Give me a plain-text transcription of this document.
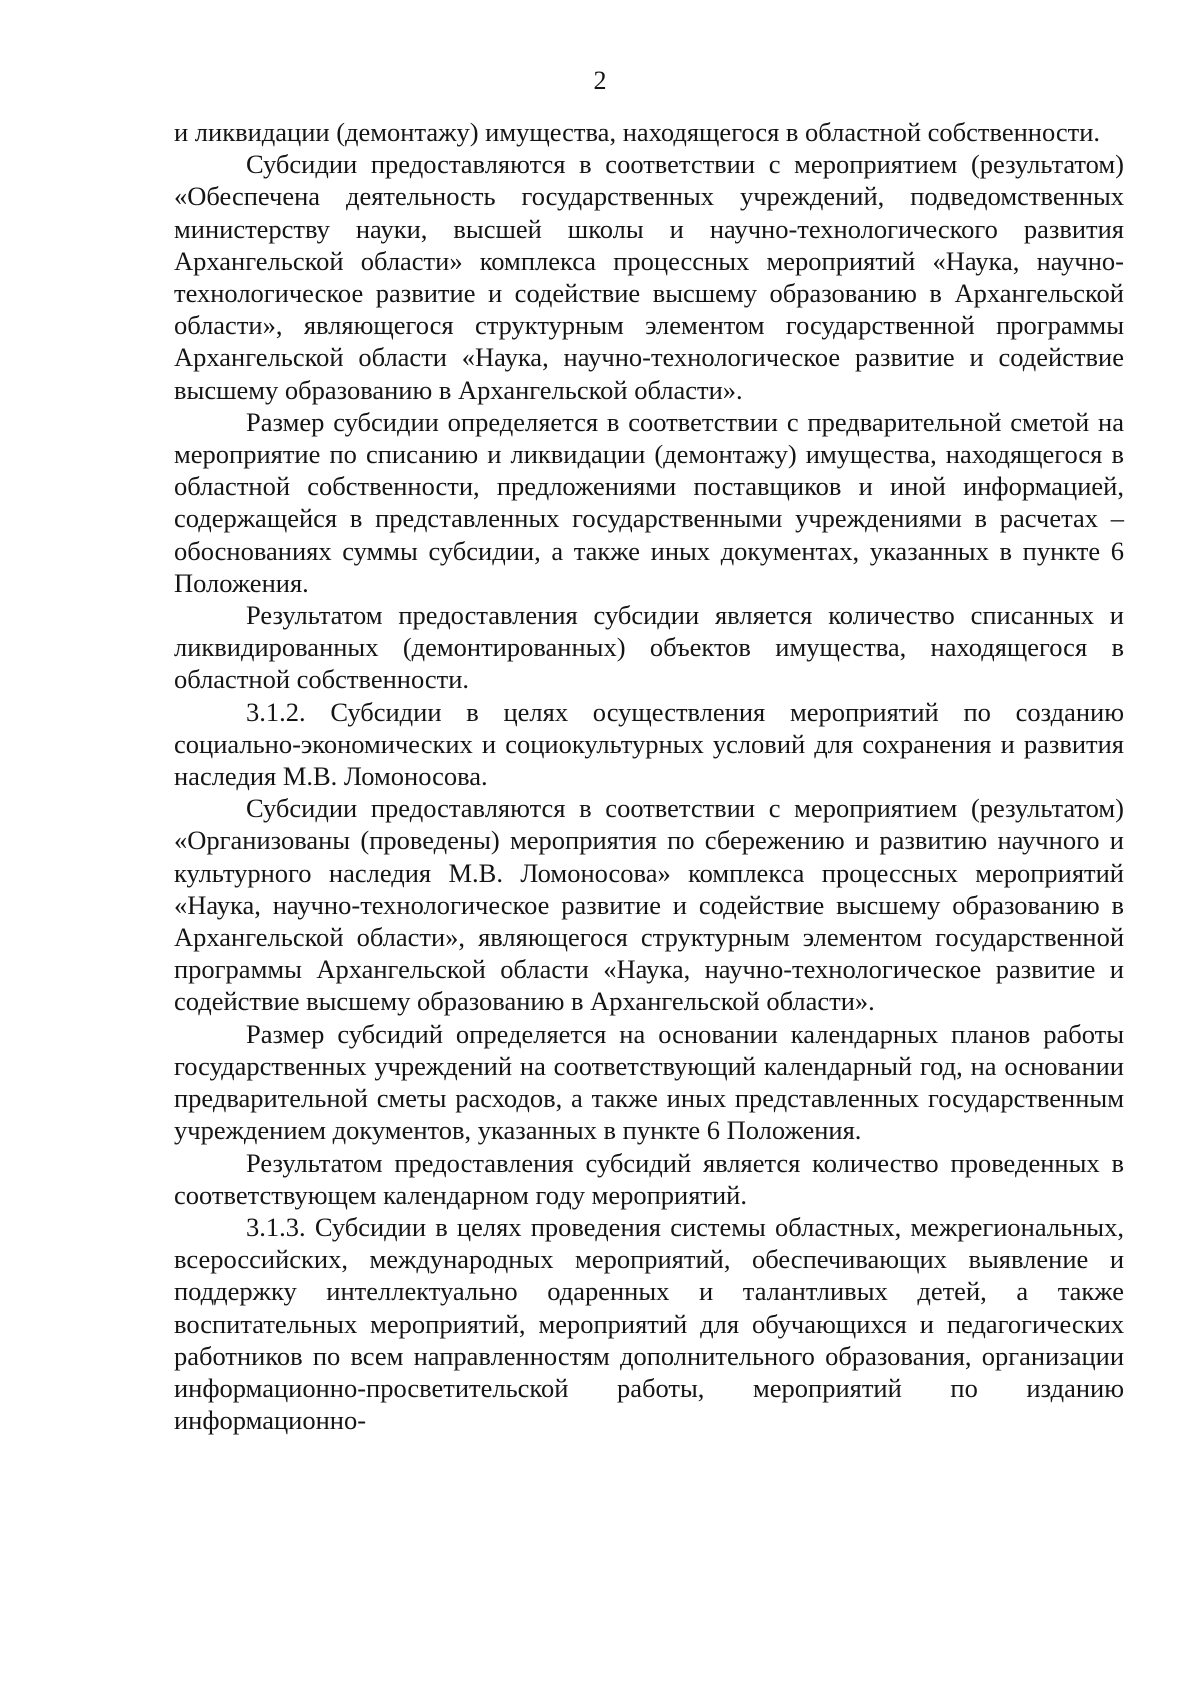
2

и ликвидации (демонтажу) имущества, находящегося в областной собственности.

Субсидии предоставляются в соответствии с мероприятием (результатом) «Обеспечена деятельность государственных учреждений, подведомственных министерству науки, высшей школы и научно-технологического развития Архангельской области» комплекса процессных мероприятий «Наука, научно-технологическое развитие и содействие высшему образованию в Архангельской области», являющегося структурным элементом государственной программы Архангельской области «Наука, научно-технологическое развитие и содействие высшему образованию в Архангельской области».

Размер субсидии определяется в соответствии с предварительной сметой на мероприятие по списанию и ликвидации (демонтажу) имущества, находящегося в областной собственности, предложениями поставщиков и иной информацией, содержащейся в представленных государственными учреждениями в расчетах – обоснованиях суммы субсидии, а также иных документах, указанных в пункте 6 Положения.

Результатом предоставления субсидии является количество списанных и ликвидированных (демонтированных) объектов имущества, находящегося в областной собственности.

3.1.2. Субсидии в целях осуществления мероприятий по созданию социально-экономических и социокультурных условий для сохранения и развития наследия М.В. Ломоносова.

Субсидии предоставляются в соответствии с мероприятием (результатом) «Организованы (проведены) мероприятия по сбережению и развитию научного и культурного наследия М.В. Ломоносова» комплекса процессных мероприятий «Наука, научно-технологическое развитие и содействие высшему образованию в Архангельской области», являющегося структурным элементом государственной программы Архангельской области «Наука, научно-технологическое развитие и содействие высшему образованию в Архангельской области».

Размер субсидий определяется на основании календарных планов работы государственных учреждений на соответствующий календарный год, на основании предварительной сметы расходов, а также иных представленных государственным учреждением документов, указанных в пункте 6 Положения.

Результатом предоставления субсидий является количество проведенных в соответствующем календарном году мероприятий.

3.1.3. Субсидии в целях проведения системы областных, межрегиональных, всероссийских, международных мероприятий, обеспечивающих выявление и поддержку интеллектуально одаренных и талантливых детей, а также воспитательных мероприятий, мероприятий для обучающихся и педагогических работников по всем направленностям дополнительного образования, организации информационно-просветительской работы, мероприятий по изданию информационно-
